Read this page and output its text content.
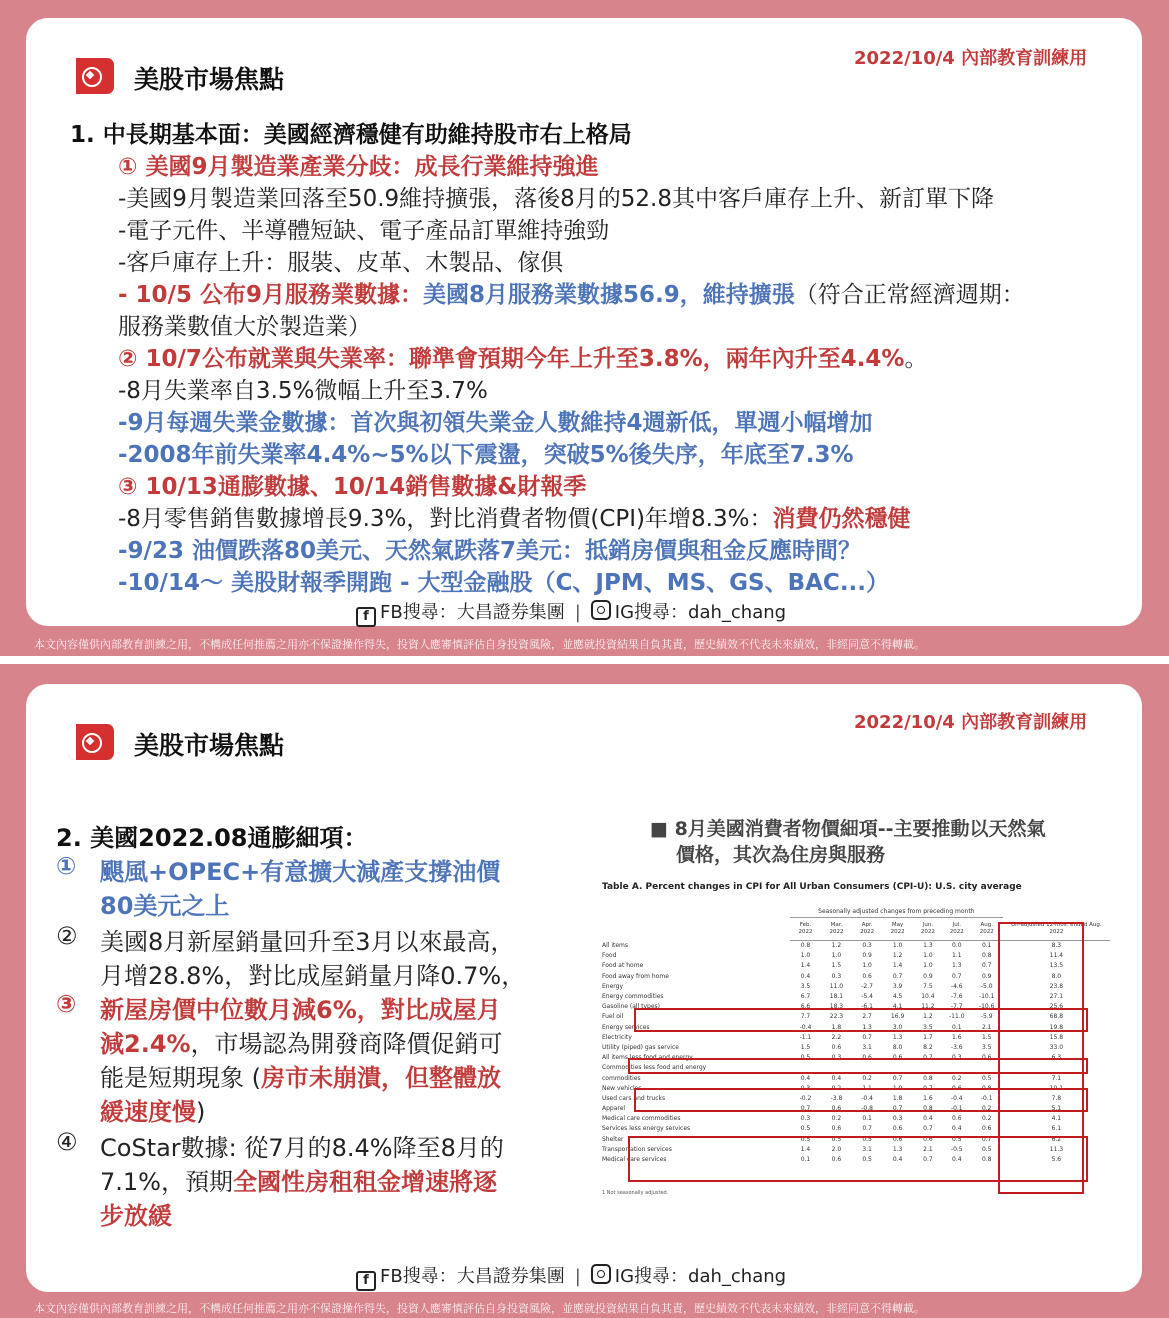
美股市場焦點
2022/10/4 內部教育訓練用
1. 中長期基本面：美國經濟穩健有助維持股市右上格局
① 美國9月製造業產業分歧：成長行業維持強進
-美國9月製造業回落至50.9維持擴張，落後8月的52.8其中客戶庫存上升、新訂單下降
-電子元件、半導體短缺、電子產品訂單維持強勁
-客戶庫存上升：服裝、皮革、木製品、傢俱
- 10/5 公布9月服務業數據：美國8月服務業數據56.9，維持擴張（符合正常經濟週期：
服務業數值大於製造業）
② 10/7公布就業與失業率：聯準會預期今年上升至3.8%，兩年內升至4.4%。
-8月失業率自3.5%微幅上升至3.7%
-9月每週失業金數據：首次與初領失業金人數維持4週新低，單週小幅增加
-2008年前失業率4.4%~5%以下震盪，突破5%後失序，年底至7.3%
③ 10/13通膨數據、10/14銷售數據&財報季
-8月零售銷售數據增長9.3%，對比消費者物價(CPI)年增8.3%：消費仍然穩健
-9/23 油價跌落80美元、天然氣跌落7美元：抵銷房價與租金反應時間？
-10/14～ 美股財報季開跑 - 大型金融股（C、JPM、MS、GS、BAC...）
f FB搜尋：大昌證券集團 | IG搜尋：dah_chang
本文內容僅供內部教育訓練之用，不構成任何推薦之用亦不保證操作得失，投資人應審慎評估自身投資風險，並應就投資結果自負其責，歷史績效不代表未來績效，非經同意不得轉載。
美股市場焦點
2022/10/4 內部教育訓練用
2. 美國2022.08通膨細項：
① 颶風+OPEC+有意擴大減產支撐油價
80美元之上
② 美國8月新屋銷量回升至3月以來最高，
月增28.8%，對比成屋銷量月降0.7%，
③ 新屋房價中位數月減6%，對比成屋月
減2.4%，市場認為開發商降價促銷可
能是短期現象 (房市未崩潰，但整體放
緩速度慢)
④ CoStar數據: 從7月的8.4%降至8月的
7.1%，預期全國性房租租金增速將逐
步放緩
■ 8月美國消費者物價細項--主要推動以天然氣
價格，其次為住房與服務
f FB搜尋：大昌證券集團 | IG搜尋：dah_chang
本文內容僅供內部教育訓練之用，不構成任何推薦之用亦不保證操作得失，投資人應審慎評估自身投資風險，並應就投資結果自負其責，歷史績效不代表未來績效，非經同意不得轉載。
Table A. Percent changes in CPI for All Urban Consumers (CPI-U): U.S. city average
	Seasonally adjusted changes from preceding month							
	Feb. 2022	Mar. 2022	Apr. 2022	May 2022	Jun. 2022	Jul. 2022	Aug. 2022	Un-adjusted 12-mos. ended Aug. 2022
All items	0.8	1.2	0.3	1.0	1.3	0.0	0.1	8.3
Food	1.0	1.0	0.9	1.2	1.0	1.1	0.8	11.4
Food at home	1.4	1.5	1.0	1.4	1.0	1.3	0.7	13.5
Food away from home	0.4	0.3	0.6	0.7	0.9	0.7	0.9	8.0
Energy	3.5	11.0	-2.7	3.9	7.5	-4.6	-5.0	23.8
Energy commodities	6.7	18.1	-5.4	4.5	10.4	-7.6	-10.1	27.1
Gasoline (all types)	6.6	18.3	-6.1	4.1	11.2	-7.7	-10.6	25.6
Fuel oil	7.7	22.3	2.7	16.9	1.2	-11.0	-5.9	68.8
Energy services	-0.4	1.8	1.3	3.0	3.5	0.1	2.1	19.8
Electricity	-1.1	2.2	0.7	1.3	1.7	1.6	1.5	15.8
Utility (piped) gas service	1.5	0.6	3.1	8.0	8.2	-3.6	3.5	33.0
All items less food and energy	0.5	0.3	0.6	0.6	0.7	0.3	0.6	6.3
Commodities less food and energy								
commodities	0.4	0.4	0.2	0.7	0.8	0.2	0.5	7.1
New vehicles	0.3	0.2	1.1	1.0	0.7	0.6	0.8	10.1
Used cars and trucks	-0.2	-3.8	-0.4	1.8	1.6	-0.4	-0.1	7.8
Apparel	0.7	0.6	-0.8	0.7	0.8	-0.1	0.2	5.1
Medical care commodities	0.3	0.2	0.1	0.3	0.4	0.6	0.2	4.1
Services less energy services	0.5	0.6	0.7	0.6	0.7	0.4	0.6	6.1
Shelter	0.5	0.5	0.5	0.6	0.6	0.5	0.7	6.2
Transportation services	1.4	2.0	3.1	1.3	2.1	-0.5	0.5	11.3
Medical care services	0.1	0.6	0.5	0.4	0.7	0.4	0.8	5.6
1 Not seasonally adjusted.
